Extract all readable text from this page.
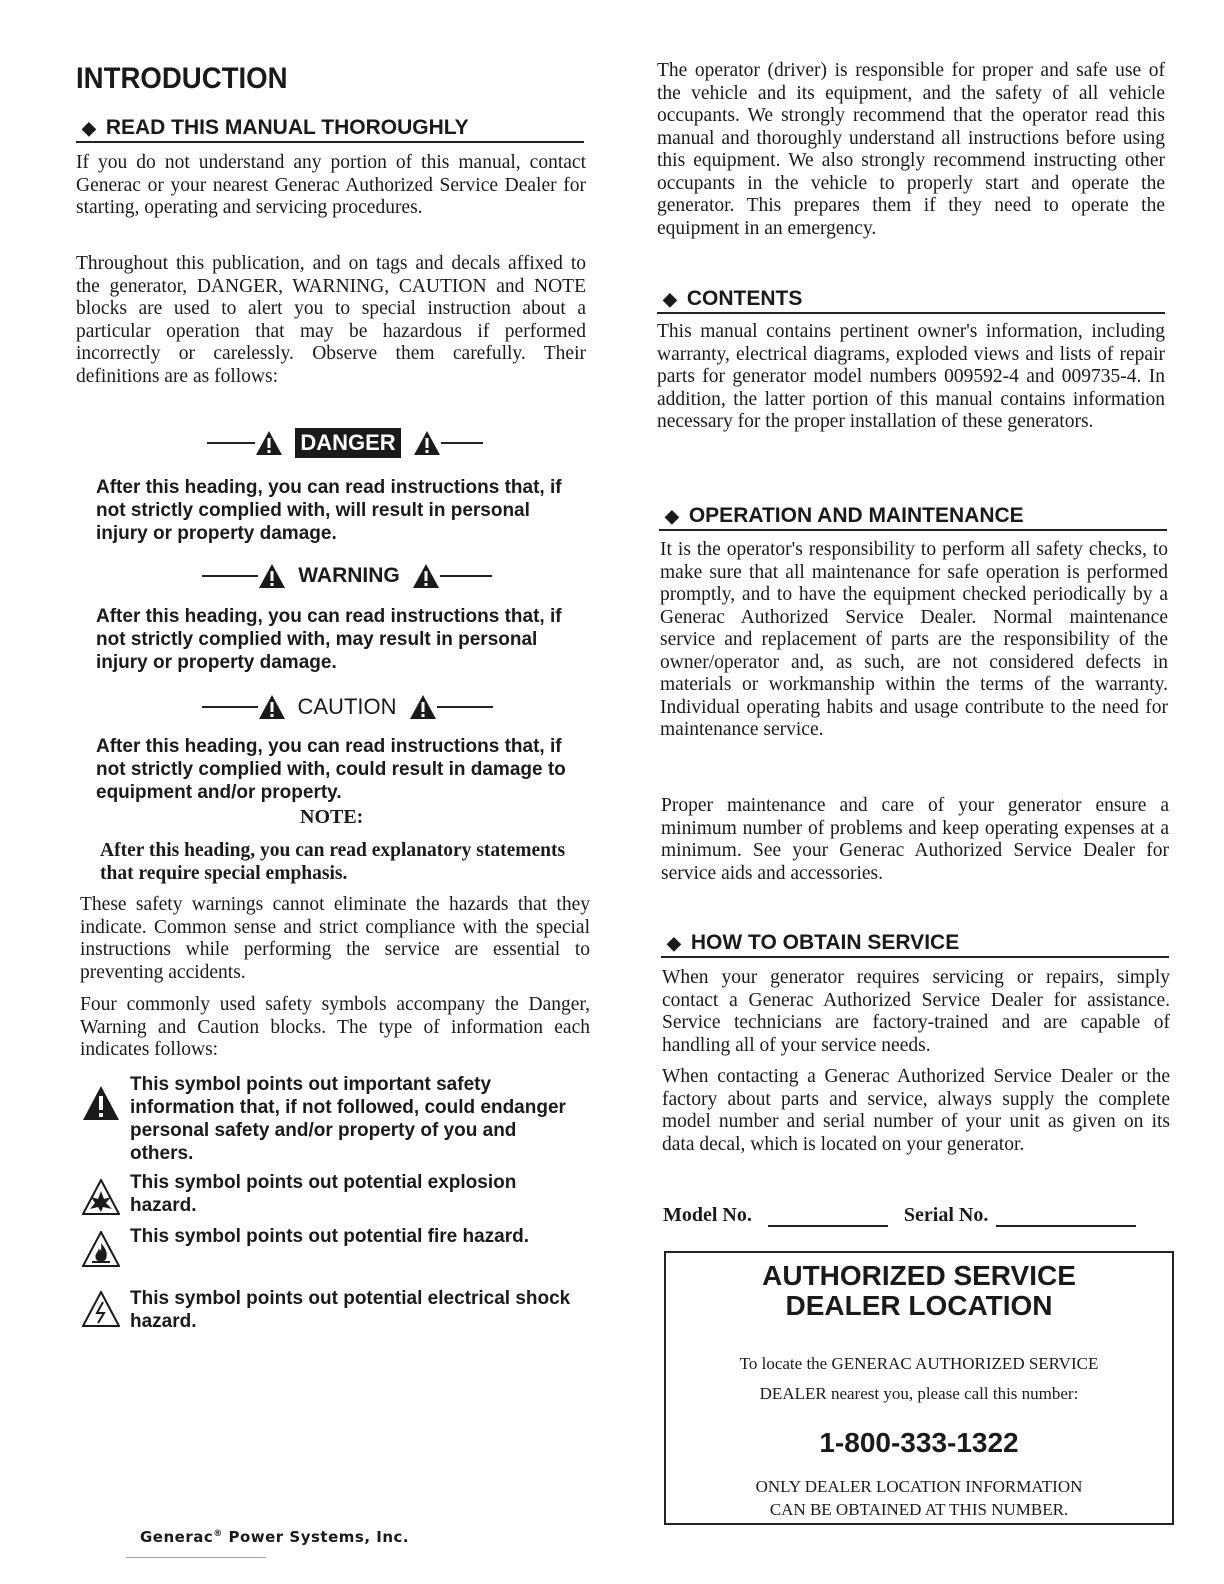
INTRODUCTION
◆ READ THIS MANUAL THOROUGHLY

If you do not understand any portion of this manual, contact Generac or your nearest Generac Authorized Service Dealer for starting, operating and servicing procedures.

Throughout this publication, and on tags and decals affixed to the generator, DANGER, WARNING, CAUTION and NOTE blocks are used to alert you to special instruction about a particular operation that may be hazardous if performed incorrectly or carelessly. Observe them carefully. Their definitions are as follows:

DANGER

After this heading, you can read instructions that, if not strictly complied with, will result in personal injury or property damage.

WARNING

After this heading, you can read instructions that, if not strictly complied with, may result in personal injury or property damage.

CAUTION

After this heading, you can read instructions that, if not strictly complied with, could result in damage to equipment and/or property.

NOTE:

After this heading, you can read explanatory statements that require special emphasis.

These safety warnings cannot eliminate the hazards that they indicate. Common sense and strict compliance with the special instructions while performing the service are essential to preventing accidents.

Four commonly used safety symbols accompany the Danger, Warning and Caution blocks. The type of information each indicates follows:

This symbol points out important safety information that, if not followed, could endanger personal safety and/or property of you and others.
This symbol points out potential explosion hazard.
This symbol points out potential fire hazard.
This symbol points out potential electrical shock hazard.

The operator (driver) is responsible for proper and safe use of the vehicle and its equipment, and the safety of all vehicle occupants. We strongly recommend that the operator read this manual and thoroughly understand all instructions before using this equipment. We also strongly recommend instructing other occupants in the vehicle to properly start and operate the generator. This prepares them if they need to operate the equipment in an emergency.

◆ CONTENTS

This manual contains pertinent owner's information, including warranty, electrical diagrams, exploded views and lists of repair parts for generator model numbers 009592-4 and 009735-4. In addition, the latter portion of this manual contains information necessary for the proper installation of these generators.

◆ OPERATION AND MAINTENANCE

It is the operator's responsibility to perform all safety checks, to make sure that all maintenance for safe operation is performed promptly, and to have the equipment checked periodically by a Generac Authorized Service Dealer. Normal maintenance service and replacement of parts are the responsibility of the owner/operator and, as such, are not considered defects in materials or workmanship within the terms of the warranty. Individual operating habits and usage contribute to the need for maintenance service.

Proper maintenance and care of your generator ensure a minimum number of problems and keep operating expenses at a minimum. See your Generac Authorized Service Dealer for service aids and accessories.

◆ HOW TO OBTAIN SERVICE

When your generator requires servicing or repairs, simply contact a Generac Authorized Service Dealer for assistance. Service technicians are factory-trained and are capable of handling all of your service needs.

When contacting a Generac Authorized Service Dealer or the factory about parts and service, always supply the complete model number and serial number of your unit as given on its data decal, which is located on your generator.

Model No.	Serial No.

AUTHORIZED SERVICE

DEALER LOCATION

To locate the GENERAC AUTHORIZED SERVICE

DEALER nearest you, please call this number:

1-800-333-1322

ONLY DEALER LOCATION INFORMATION

CAN BE OBTAINED AT THIS NUMBER.

Generac® Power Systems, Inc.
